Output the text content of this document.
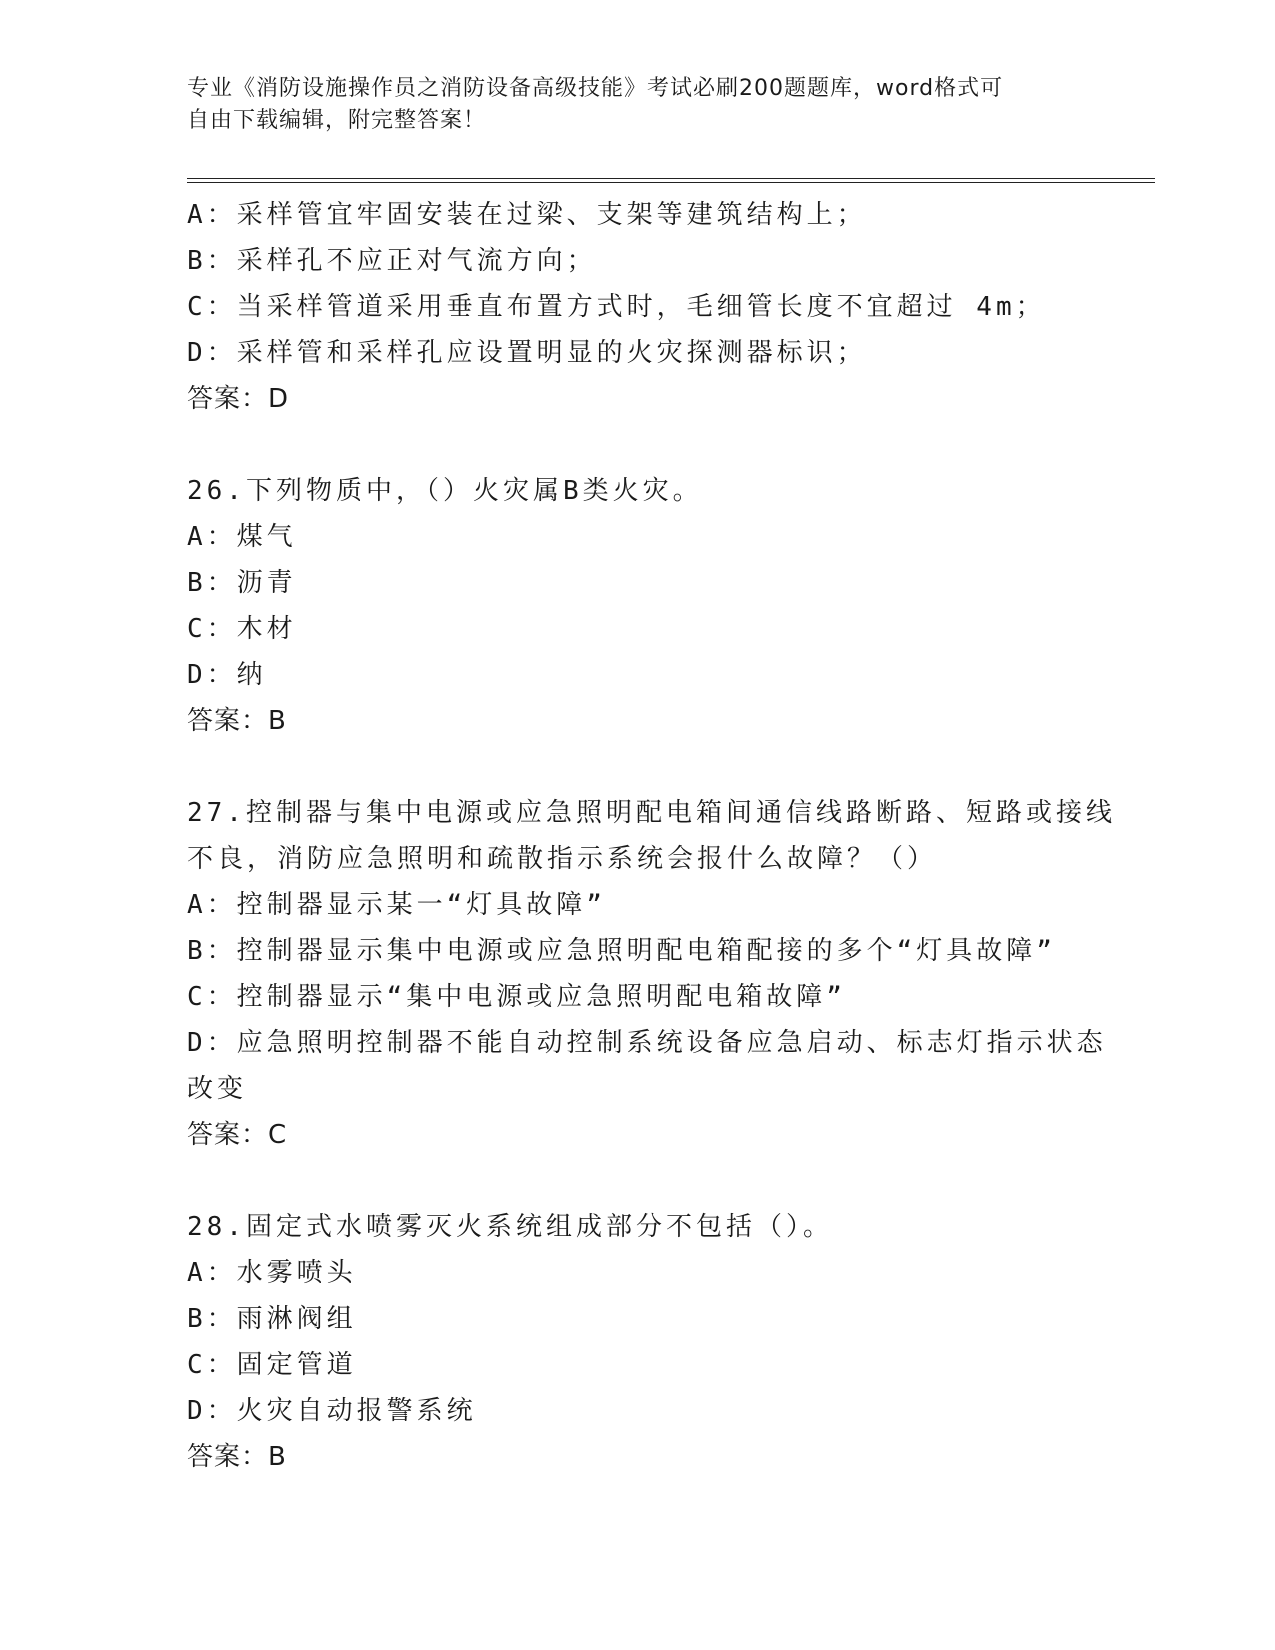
专业《消防设施操作员之消防设备高级技能》考试必刷200题题库，word格式可
自由下载编辑，附完整答案！
A：采样管宜牢固安装在过梁、支架等建筑结构上；
B：采样孔不应正对气流方向；
C：当采样管道采用垂直布置方式时，毛细管长度不宜超过 4m；
D：采样管和采样孔应设置明显的火灾探测器标识；
答案：D
26.下列物质中，（）火灾属B类火灾。
A：煤气
B：沥青
C：木材
D：纳
答案：B
27.控制器与集中电源或应急照明配电箱间通信线路断路、短路或接线
不良，消防应急照明和疏散指示系统会报什么故障？（）
A：控制器显示某一“灯具故障”
B：控制器显示集中电源或应急照明配电箱配接的多个“灯具故障”
C：控制器显示“集中电源或应急照明配电箱故障”
D：应急照明控制器不能自动控制系统设备应急启动、标志灯指示状态
改变
答案：C
28.固定式水喷雾灭火系统组成部分不包括（）。
A：水雾喷头
B：雨淋阀组
C：固定管道
D：火灾自动报警系统
答案：B
